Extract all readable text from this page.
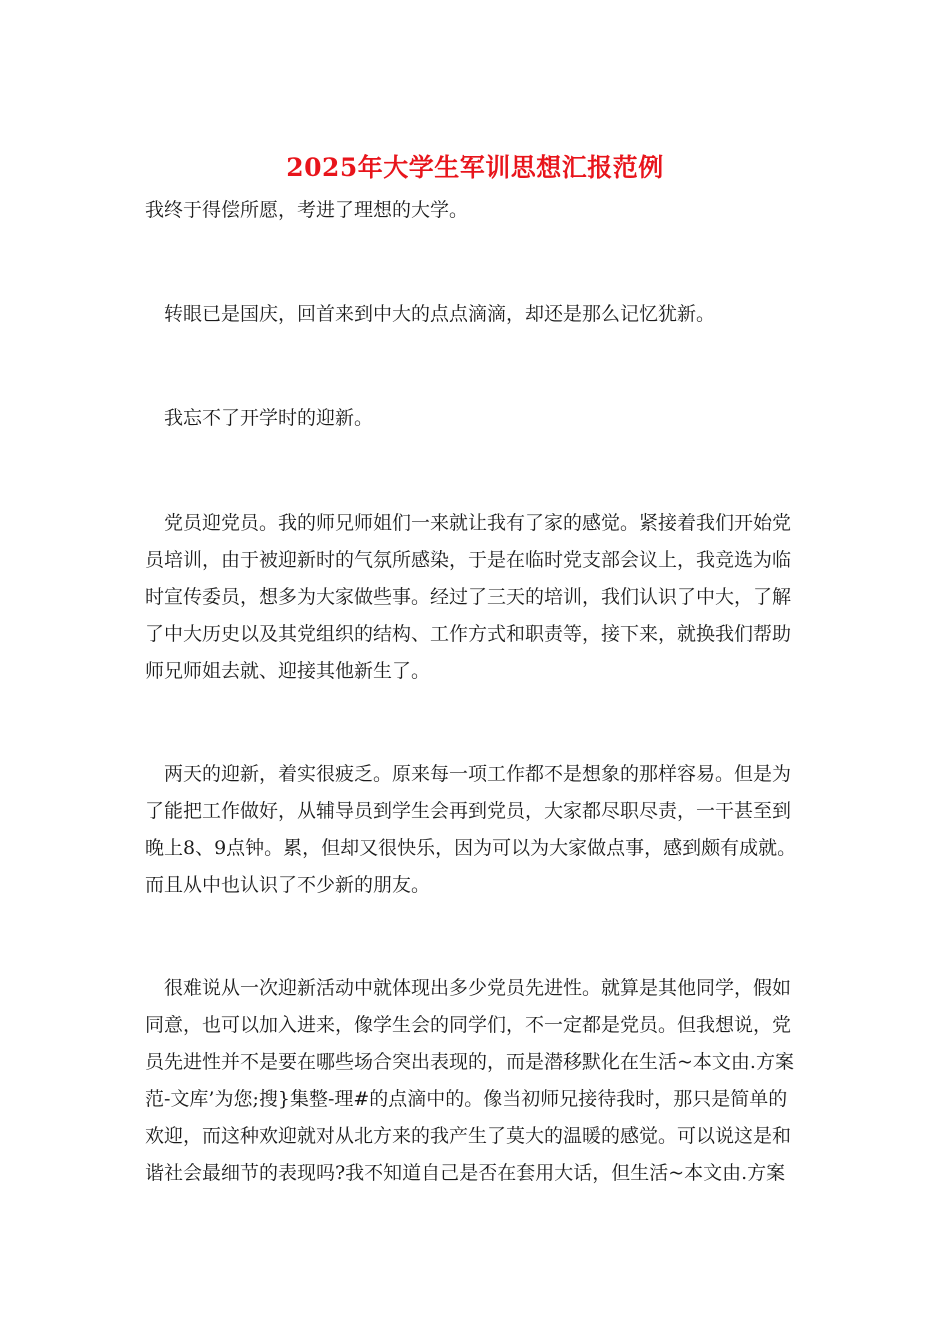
2025年大学生军训思想汇报范例

我终于得偿所愿，考进了理想的大学。

转眼已是国庆，回首来到中大的点点滴滴，却还是那么记忆犹新。

我忘不了开学时的迎新。

党员迎党员。我的师兄师姐们一来就让我有了家的感觉。紧接着我们开始党员培训，由于被迎新时的气氛所感染，于是在临时党支部会议上，我竞选为临时宣传委员，想多为大家做些事。经过了三天的培训，我们认识了中大，了解了中大历史以及其党组织的结构、工作方式和职责等，接下来，就换我们帮助师兄师姐去就、迎接其他新生了。

两天的迎新，着实很疲乏。原来每一项工作都不是想象的那样容易。但是为了能把工作做好，从辅导员到学生会再到党员，大家都尽职尽责，一干甚至到晚上8、9点钟。累，但却又很快乐，因为可以为大家做点事，感到颇有成就。而且从中也认识了不少新的朋友。

很难说从一次迎新活动中就体现出多少党员先进性。就算是其他同学，假如同意，也可以加入进来，像学生会的同学们，不一定都是党员。但我想说，党员先进性并不是要在哪些场合突出表现的，而是潜移默化在生活~本文由.方案范-文库’为您;搜}集整-理#的点滴中的。像当初师兄接待我时，那只是简单的欢迎，而这种欢迎就对从北方来的我产生了莫大的温暖的感觉。可以说这是和谐社会最细节的表现吗?我不知道自己是否在套用大话，但生活~本文由.方案
